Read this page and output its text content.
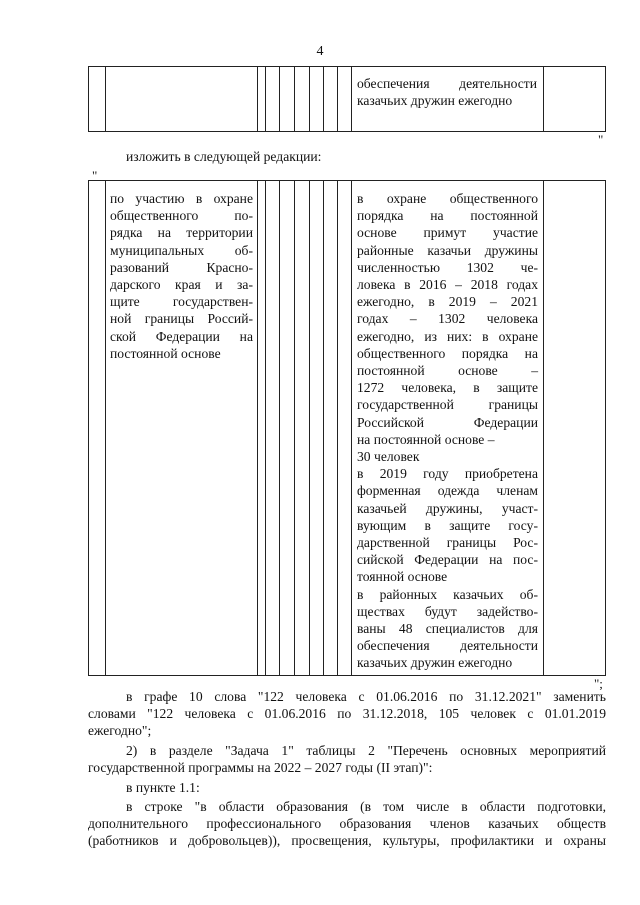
4
обеспечения деятельности
казачьих дружин ежегодно
"
изложить в следующей редакции:
"
по участию в охране
общественного по-
рядка на территории
муниципальных об-
разований Красно-
дарского края и за-
щите государствен-
ной границы Россий-
ской Федерации на
постоянной основе
в охране общественного
порядка на постоянной
основе примут участие
районные казачьи дружины
численностью 1302 че-
ловека в 2016 – 2018 годах
ежегодно, в 2019 – 2021
годах – 1302 человека
ежегодно, из них: в охране
общественного порядка на
постоянной основе –
1272 человека, в защите
государственной границы
Российской Федерации
на постоянной основе –
30 человек
в 2019 году приобретена
форменная одежда членам
казачьей дружины, участ-
вующим в защите госу-
дарственной границы Рос-
сийской Федерации на пос-
тоянной основе
в районных казачьих об-
ществах будут задейство-
ваны 48 специалистов для
обеспечения деятельности
казачьих дружин ежегодно
";
в графе 10 слова "122 человека с 01.06.2016 по 31.12.2021" заменить
словами "122 человека с 01.06.2016 по 31.12.2018, 105 человек с 01.01.2019
ежегодно";
2) в разделе "Задача 1" таблицы 2 "Перечень основных мероприятий
государственной программы на 2022 – 2027 годы (II этап)":
в пункте 1.1:
в строке "в области образования (в том числе в области подготовки,
дополнительного профессионального образования членов казачьих обществ
(работников и добровольцев)), просвещения, культуры, профилактики и охраны
